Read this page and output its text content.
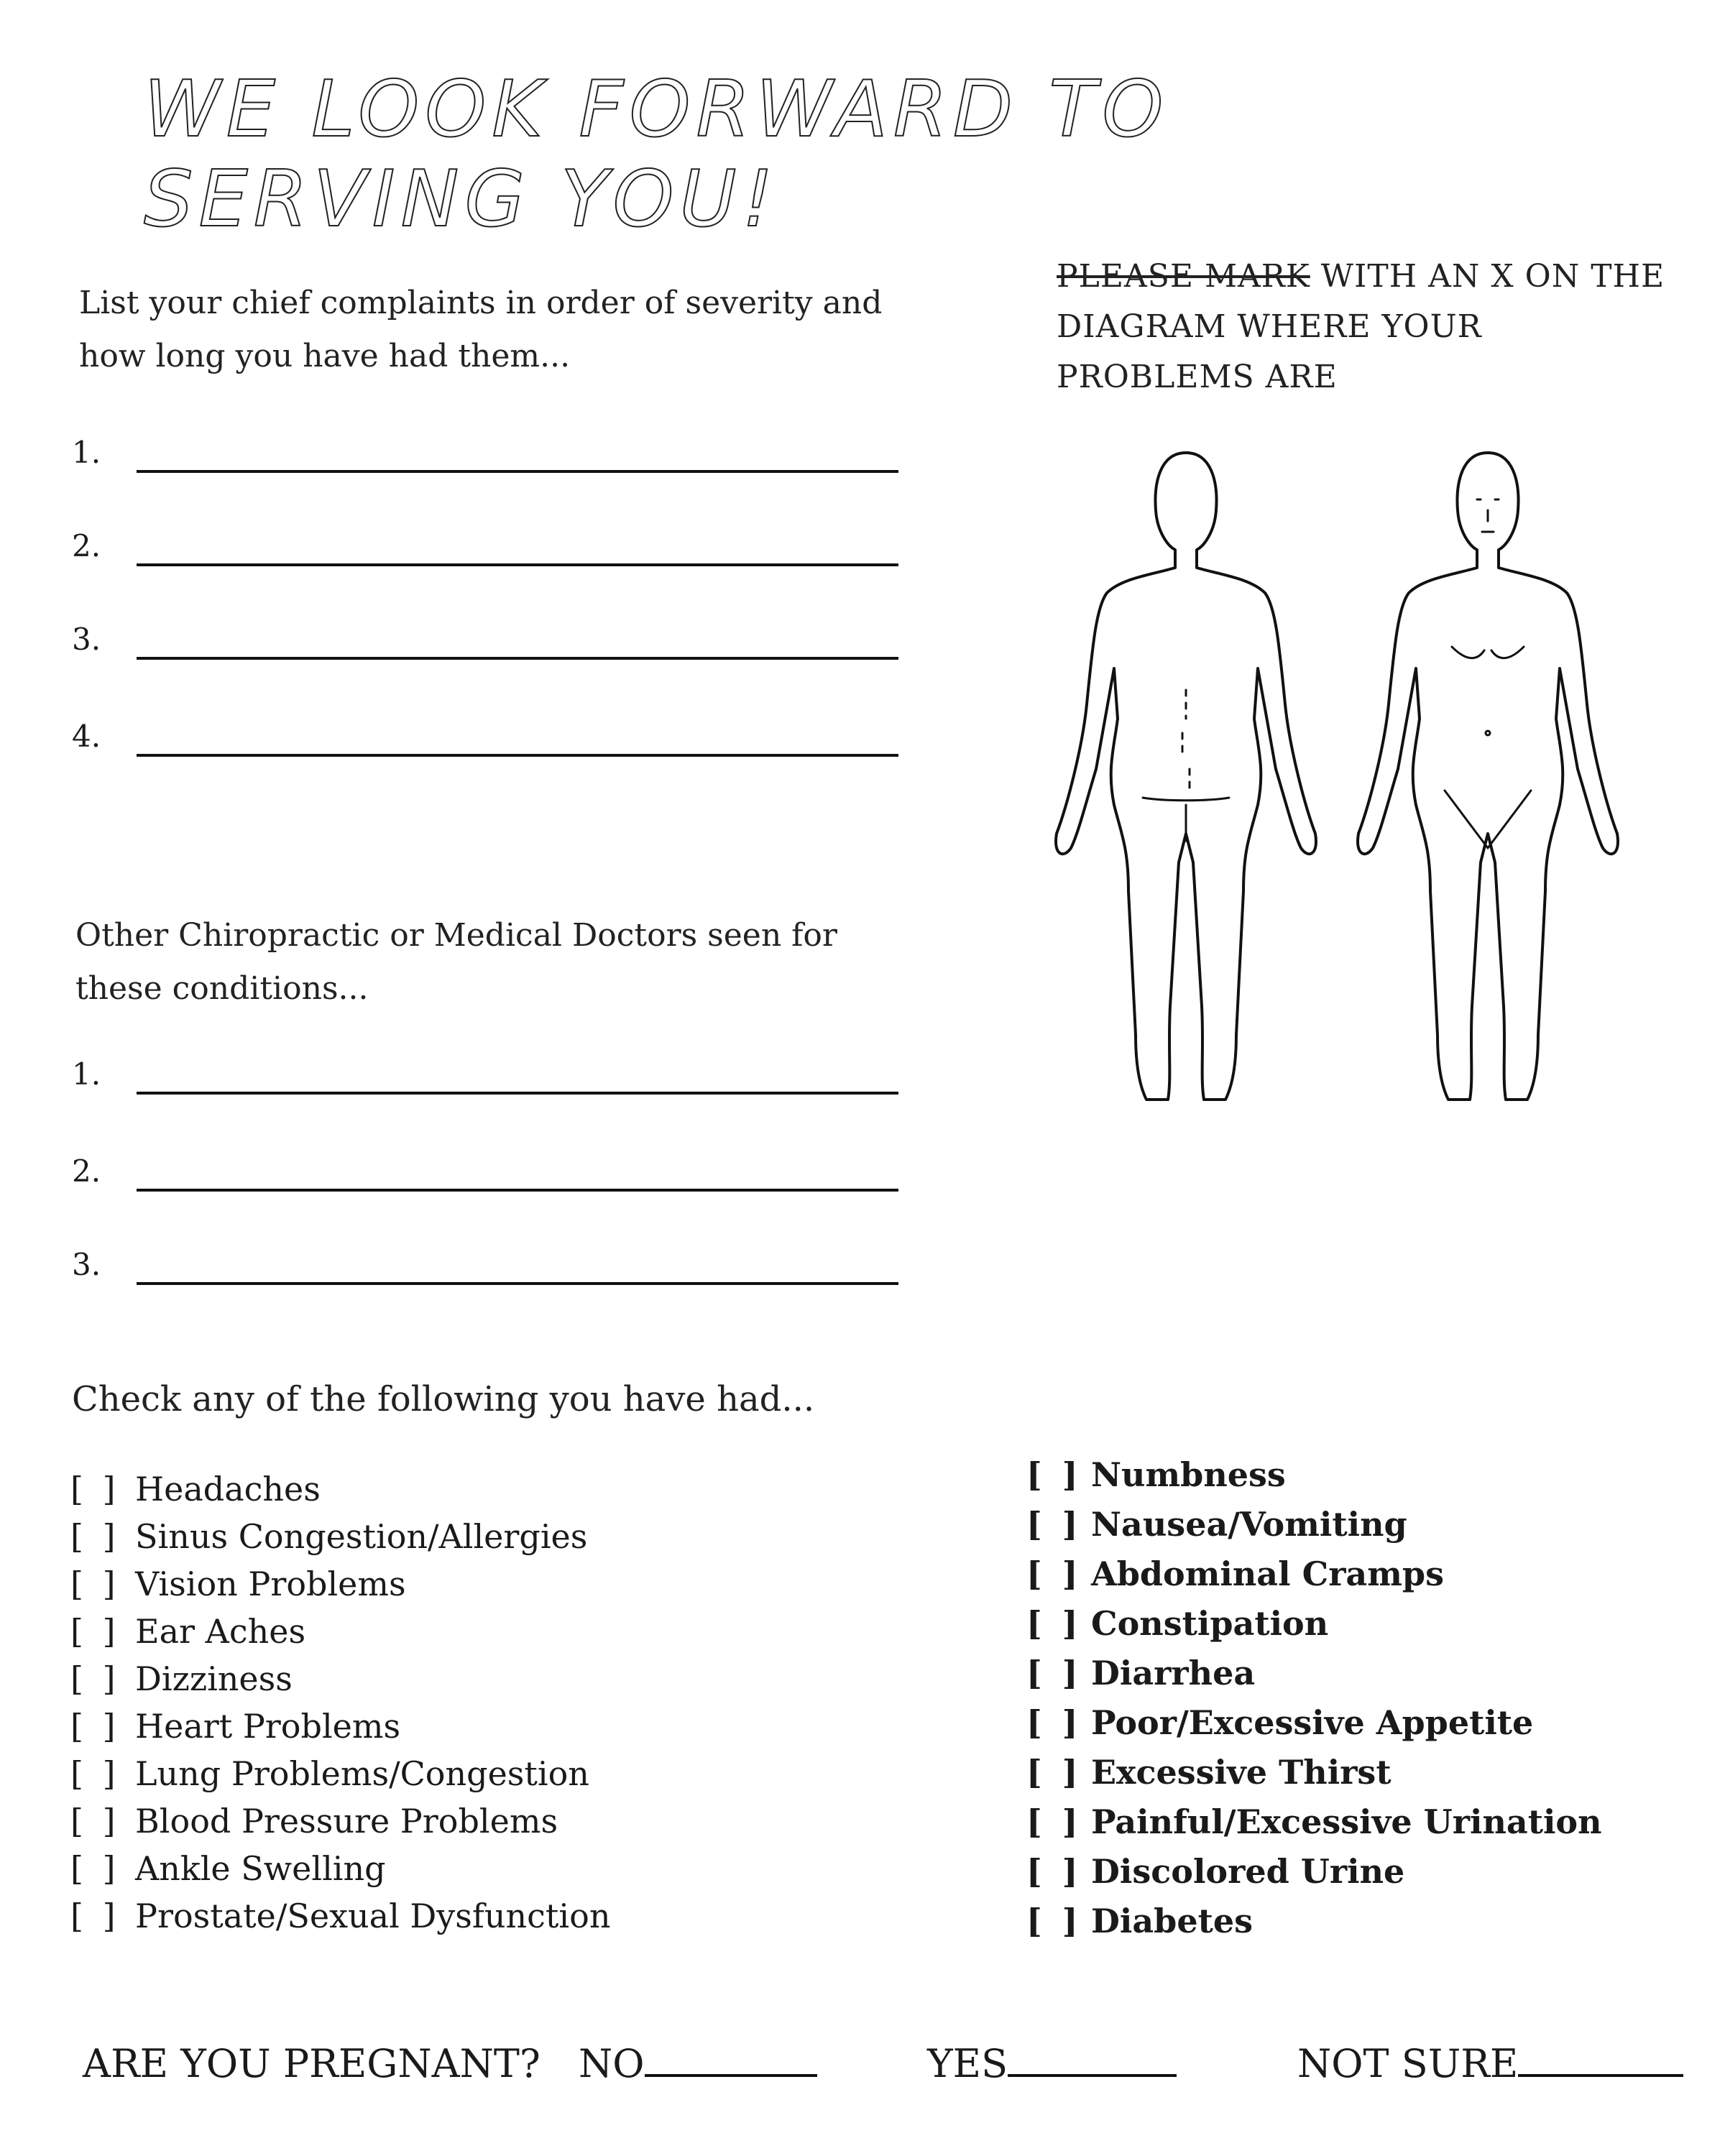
WE LOOK FORWARD TO SERVING YOU!
List your chief complaints in order of severity and how long you have had them...
1.
2.
3.
4.
PLEASE MARK WITH AN X ON THE DIAGRAM WHERE YOUR PROBLEMS ARE
Other Chiropractic or Medical Doctors seen for these conditions...
1.
2.
3.
Check any of the following you have had...
[ ] Headaches
[ ] Sinus Congestion/Allergies
[ ] Vision Problems
[ ] Ear Aches
[ ] Dizziness
[ ] Heart Problems
[ ] Lung Problems/Congestion
[ ] Blood Pressure Problems
[ ] Ankle Swelling
[ ] Prostate/Sexual Dysfunction
[ ] Numbness
[ ] Nausea/Vomiting
[ ] Abdominal Cramps
[ ] Constipation
[ ] Diarrhea
[ ] Poor/Excessive Appetite
[ ] Excessive Thirst
[ ] Painful/Excessive Urination
[ ] Discolored Urine
[ ] Diabetes
ARE YOU PREGNANT? NO	YES	NOT SURE
